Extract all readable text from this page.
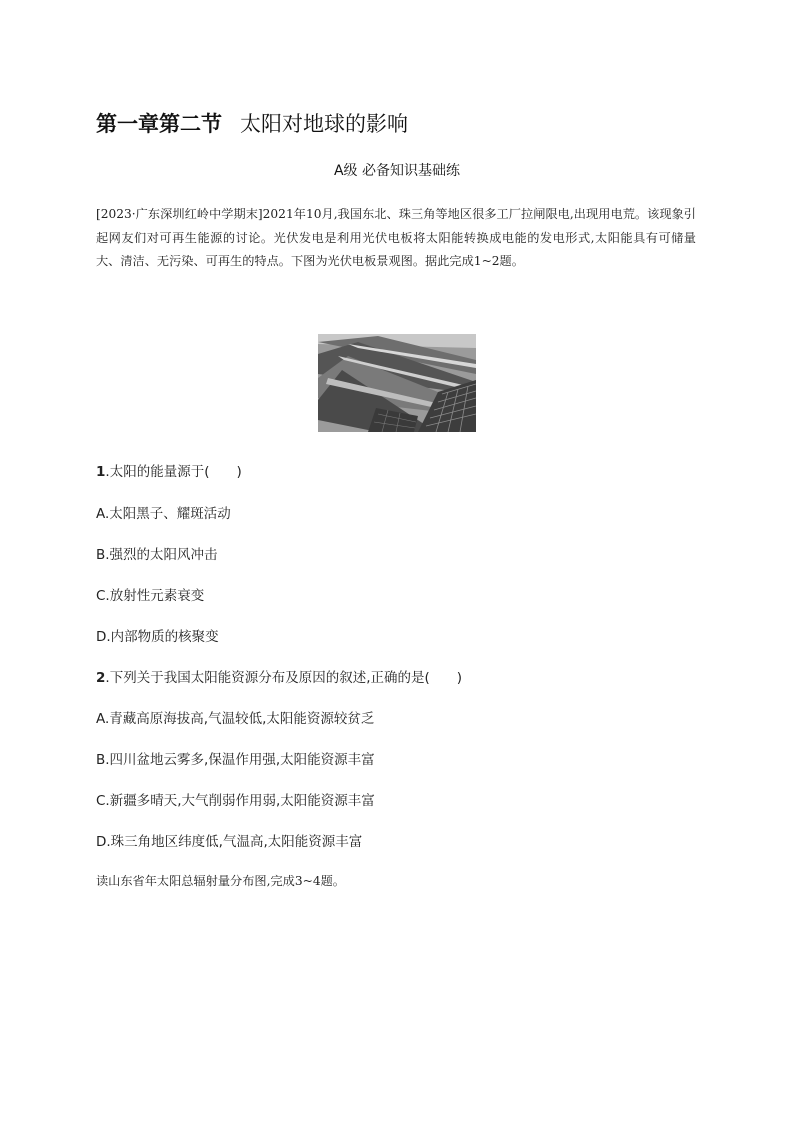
第一章第二节 太阳对地球的影响
A级 必备知识基础练
[2023·广东深圳红岭中学期末]2021年10月,我国东北、珠三角等地区很多工厂拉闸限电,出现用电荒。该现象引起网友们对可再生能源的讨论。光伏发电是利用光伏电板将太阳能转换成电能的发电形式,太阳能具有可储量大、清洁、无污染、可再生的特点。下图为光伏电板景观图。据此完成1~2题。
1.太阳的能量源于(　　)
A.太阳黑子、耀斑活动
B.强烈的太阳风冲击
C.放射性元素衰变
D.内部物质的核聚变
2.下列关于我国太阳能资源分布及原因的叙述,正确的是(　　)
A.青藏高原海拔高,气温较低,太阳能资源较贫乏
B.四川盆地云雾多,保温作用强,太阳能资源丰富
C.新疆多晴天,大气削弱作用弱,太阳能资源丰富
D.珠三角地区纬度低,气温高,太阳能资源丰富
读山东省年太阳总辐射量分布图,完成3~4题。
